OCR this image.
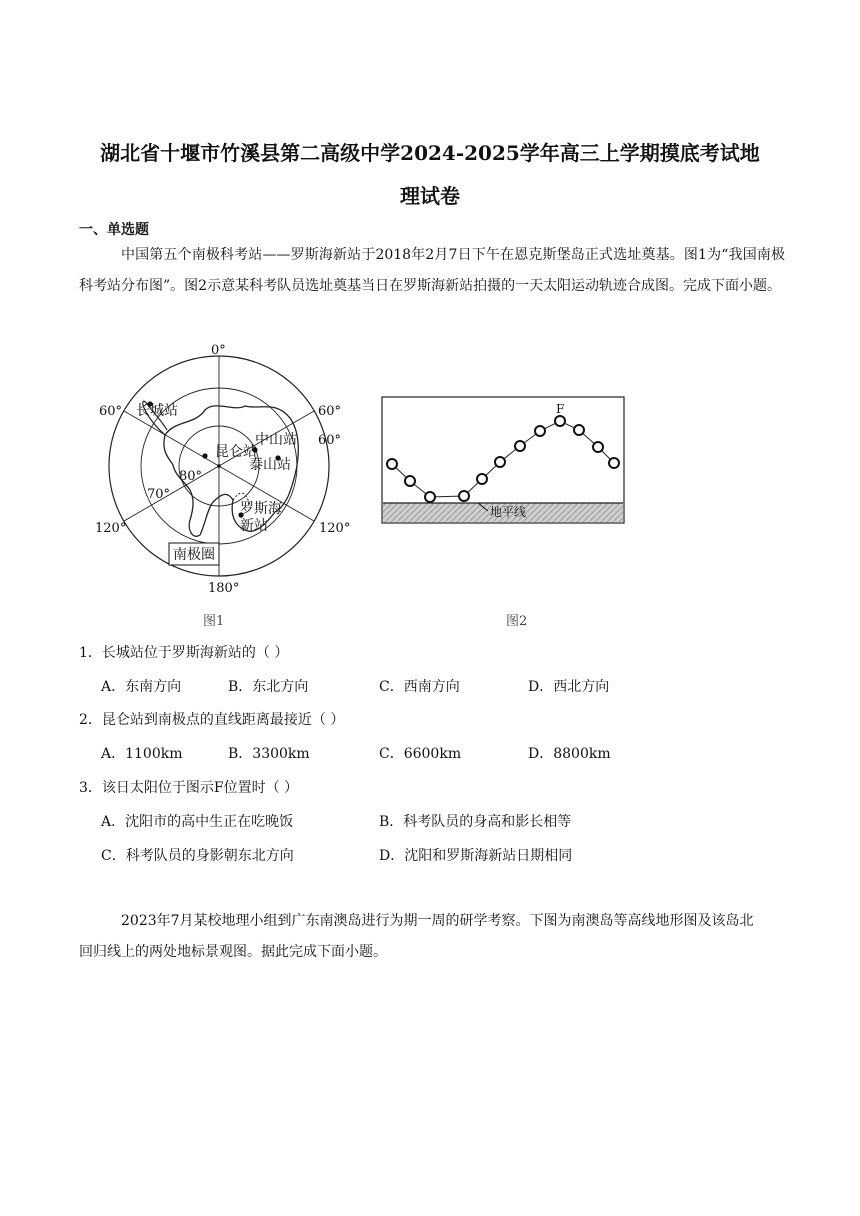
湖北省十堰市竹溪县第二高级中学2024-2025学年高三上学期摸底考试地
理试卷
一、单选题
中国第五个南极科考站——罗斯海新站于2018年2月7日下午在恩克斯堡岛正式选址奠基。图1为“我国南极科考站分布图”。图2示意某科考队员选址奠基当日在罗斯海新站拍摄的一天太阳运动轨迹合成图。完成下面小题。
0°
60°	60°
60°
70°
80°
120°	120°
180°
长城站
昆仑站
中山站
泰山站
罗斯海
新站
南极圈
图1
F
地平线
图2
1．长城站位于罗斯海新站的（ ）
A．东南方向	B．东北方向	C．西南方向	D．西北方向
2．昆仑站到南极点的直线距离最接近（ ）
A．1100km	B．3300km	C．6600km	D．8800km
3．该日太阳位于图示F位置时（ ）
A．沈阳市的高中生正在吃晚饭	B．科考队员的身高和影长相等
C．科考队员的身影朝东北方向	D．沈阳和罗斯海新站日期相同
2023年7月某校地理小组到广东南澳岛进行为期一周的研学考察。下图为南澳岛等高线地形图及该岛北
回归线上的两处地标景观图。据此完成下面小题。
